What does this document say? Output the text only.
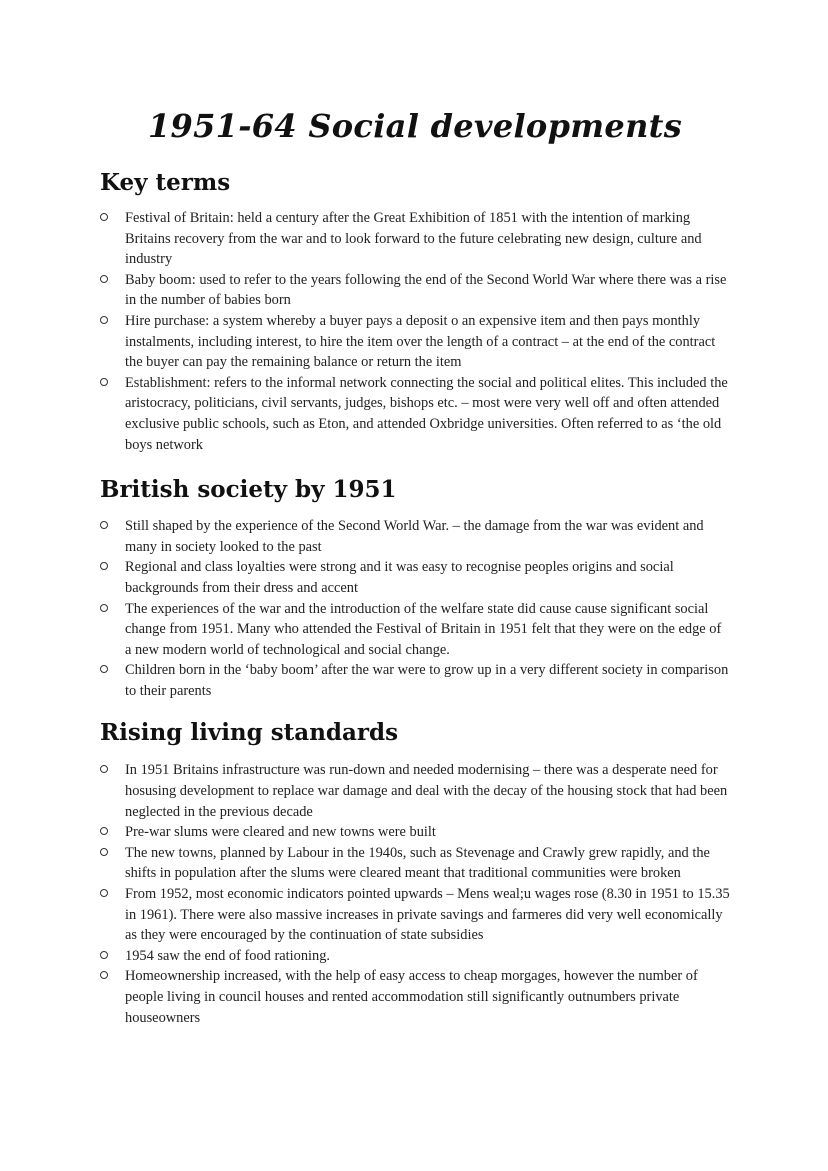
1951-64 Social developments
Key terms
Festival of Britain: held a century after the Great Exhibition of 1851 with the intention of marking Britains recovery from the war and to look forward to the future celebrating new design, culture and industry
Baby boom: used to refer to the years following the end of the Second World War where there was a rise in the number of babies born
Hire purchase: a system whereby a buyer pays a deposit o an expensive item and then pays monthly instalments, including interest, to hire the item over the length of a contract – at the end of the contract the buyer can pay the remaining balance or return the item
Establishment: refers to the informal network connecting the social and political elites. This included the aristocracy, politicians, civil servants, judges, bishops etc. – most were very well off and often attended exclusive public schools, such as Eton, and attended Oxbridge universities. Often referred to as ‘the old boys network
British society by 1951
Still shaped by the experience of the Second World War. – the damage from the war was evident and many in society looked to the past
Regional and class loyalties were strong and it was easy to recognise peoples origins and social backgrounds from their dress and accent
The experiences of the war and the introduction of the welfare state did cause cause significant social change from 1951. Many who attended the Festival of Britain in 1951 felt that they were on the edge of a new modern world of technological and social change.
Children born in the ‘baby boom’ after the war were to grow up in a very different society in comparison to their parents
Rising living standards
In 1951 Britains infrastructure was run-down and needed modernising – there was a desperate need for hosusing development to replace war damage and deal with the decay of the housing stock that had been neglected in the previous decade
Pre-war slums were cleared and new towns were built
The new towns, planned by Labour in the 1940s, such as Stevenage and Crawly grew rapidly, and the shifts in population after the slums were cleared meant that traditional communities were broken
From 1952, most economic indicators pointed upwards – Mens weal;u wages rose (8.30 in 1951 to 15.35 in 1961). There were also massive increases in private savings and farmeres did very well economically as they were encouraged by the continuation of state subsidies
1954 saw the end of food rationing.
Homeownership increased, with the help of easy access to cheap morgages, however the number of people living in council houses and rented accommodation still significantly outnumbers private houseowners
